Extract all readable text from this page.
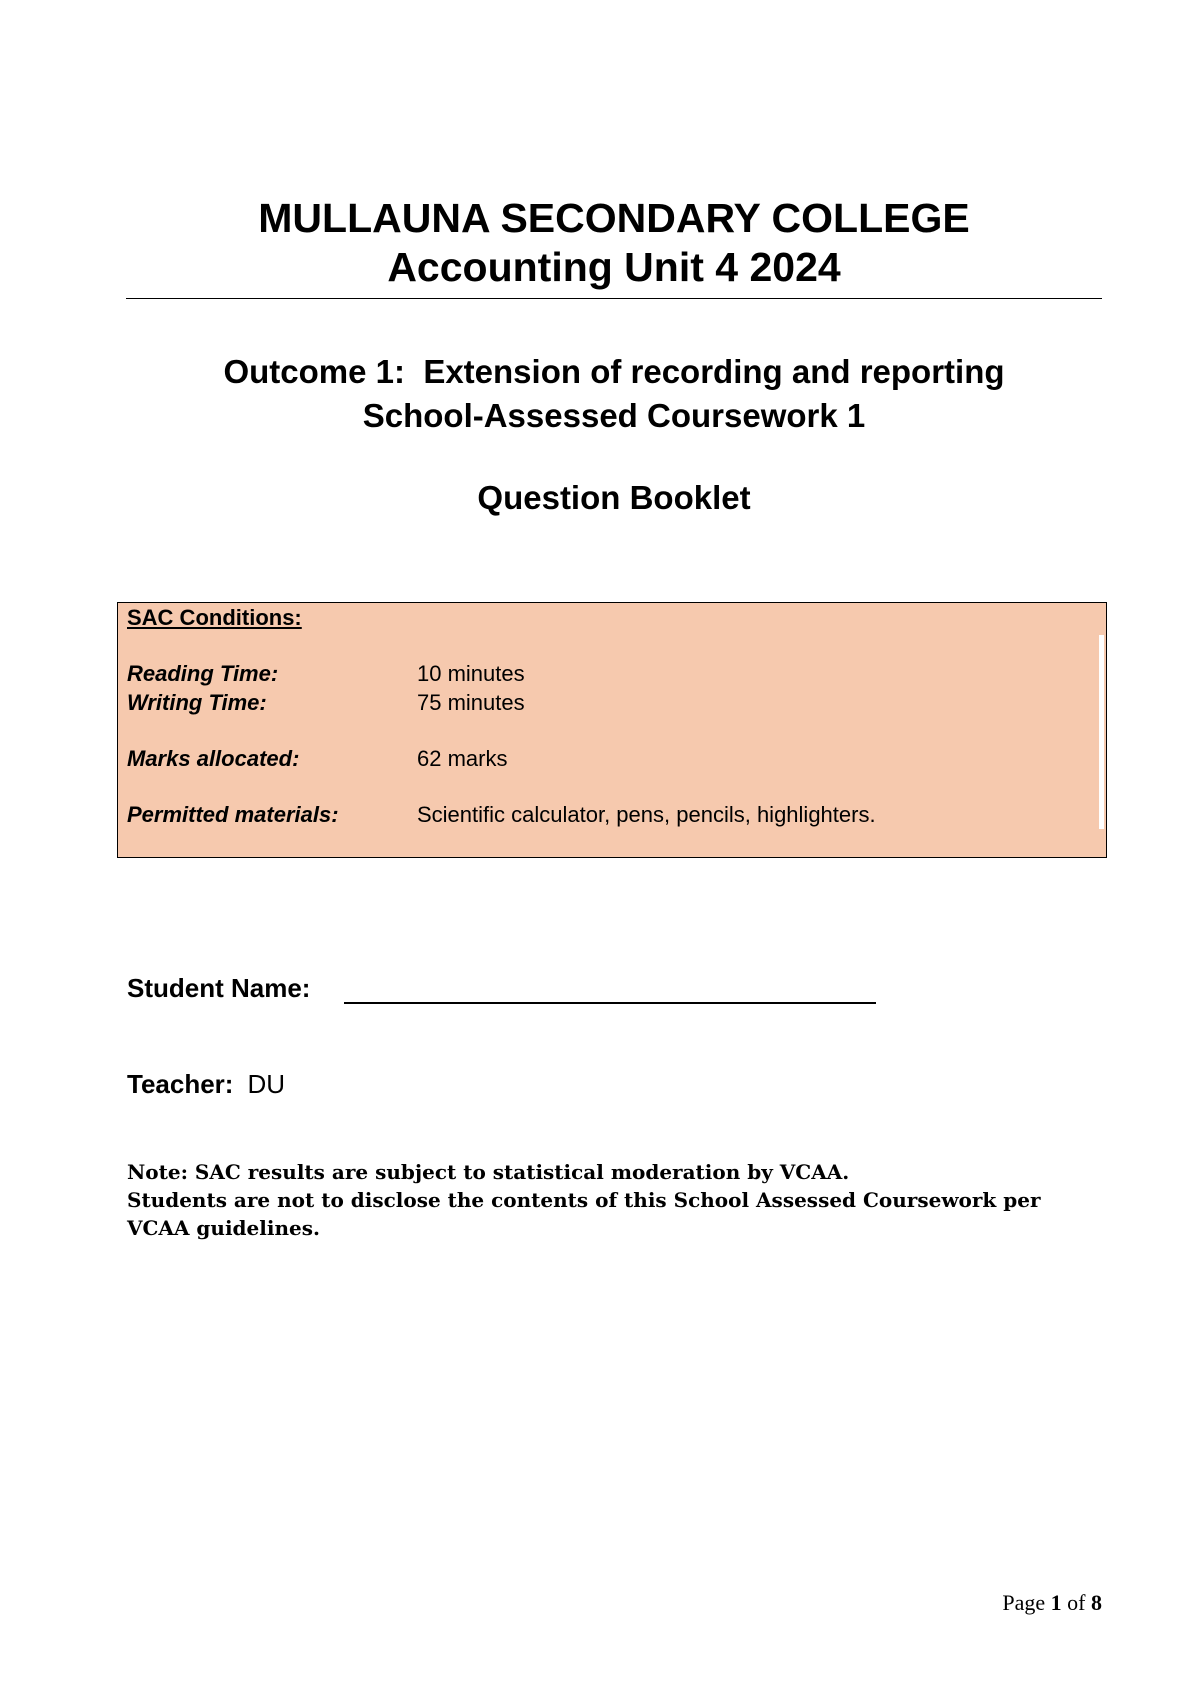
MULLAUNA SECONDARY COLLEGE
Accounting Unit 4 2024
Outcome 1:  Extension of recording and reporting
School-Assessed Coursework 1
Question Booklet
SAC Conditions:
Reading Time:	10 minutes
Writing Time:	75 minutes
Marks allocated:	62 marks
Permitted materials:	Scientific calculator, pens, pencils, highlighters.
Student Name:
Teacher: DU
Note: SAC results are subject to statistical moderation by VCAA.
Students are not to disclose the contents of this School Assessed Coursework per VCAA guidelines.
Page 1 of 8
